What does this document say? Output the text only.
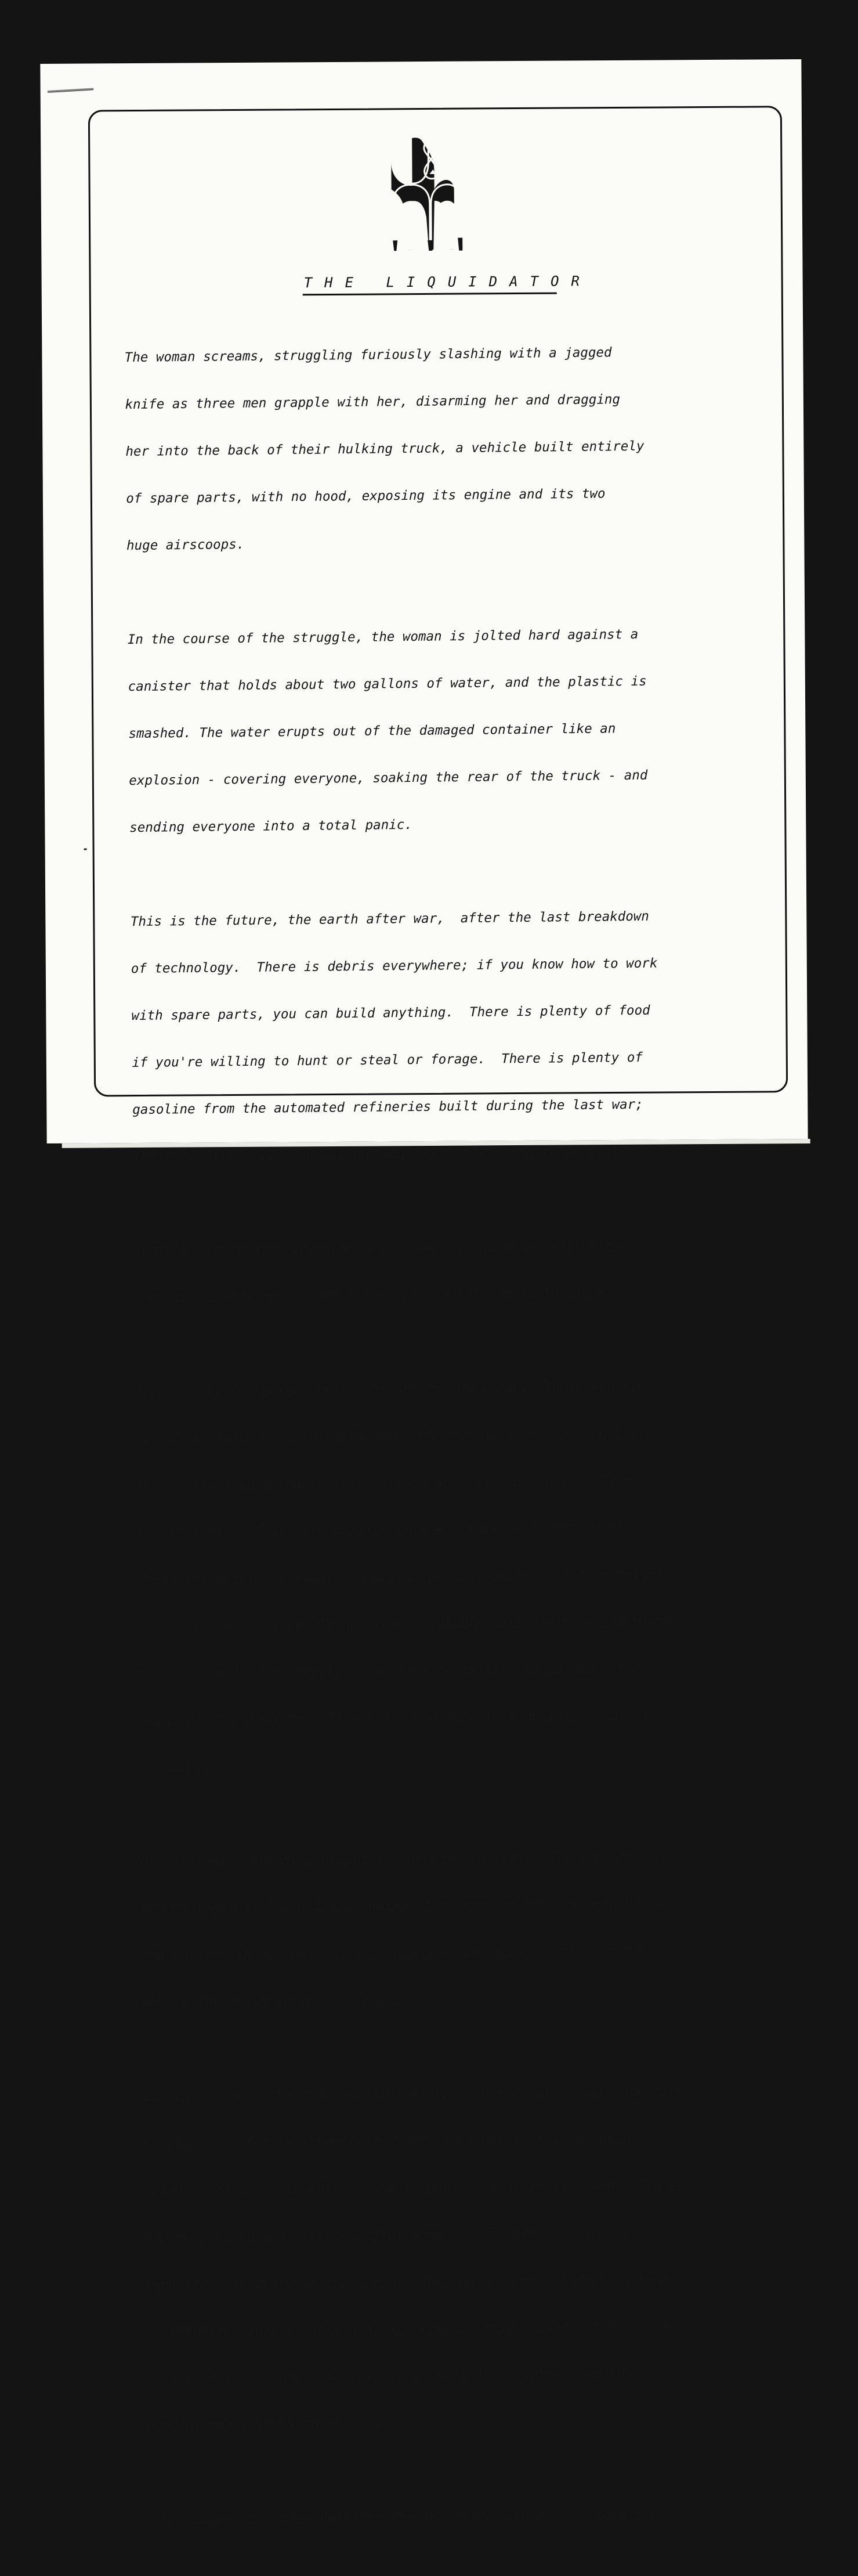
THE LIQUIDATOR

The woman screams, struggling furiously slashing with a jagged

knife as three men grapple with her, disarming her and dragging

her into the back of their hulking truck, a vehicle built entirely

of spare parts, with no hood, exposing its engine and its two

huge airscoops.

In the course of the struggle, the woman is jolted hard against a

canister that holds about two gallons of water, and the plastic is

smashed. The water erupts out of the damaged container like an

explosion - covering everyone, soaking the rear of the truck - and

sending everyone into a total panic.

This is the future, the earth after war,  after the last breakdown

of technology.  There is debris everywhere; if you know how to work

with spare parts, you can build anything.  There is plenty of food

if you're willing to hunt or steal or forage.  There is plenty of

gasoline from the automated refineries built during the last war;

their supplies will run out one day, but it's going to be years.

There's plenty of everything except water, and when that water

canister is smashed, these strong and brutal men go to pieces.

And it only increases their pressure on the woman.  These men are

one of several groups of marauders, men who have banded  together

for survival on an earth left parched and dying of thirst after

the last war.  There are battles between these cutthroat bands,

raids for water, outright massacres for possession of a five-gallon

drum.  There is virtually no fresh drinkable water left on the planet

the only real water supply comes from containers found among the

ruins of civilization.  It's stale and sometimes polluted, but it

is water.

One of these marauding groups is composed entirely of women who have

banded together for defense against the bands of men who would rape

and enslave them.  Most of the groups of men have a woman or two

who is forced to serve the group.

But this woman, the one now held helpless aboard this truck, laughing

at the men's futile attempts to save their water, has not been

captured to be a plaything.  She is part of a group of women - brave

and very tough and very beautiful women - who have made the most

important discovery in the world.  They have found a source of water,

a freshwater spring. They are, in terms of this society, the richest

people on the planet.  And everyone wants their water, and this

band of men intends to get it.

Other women have been held hostage for water and so have some men.
